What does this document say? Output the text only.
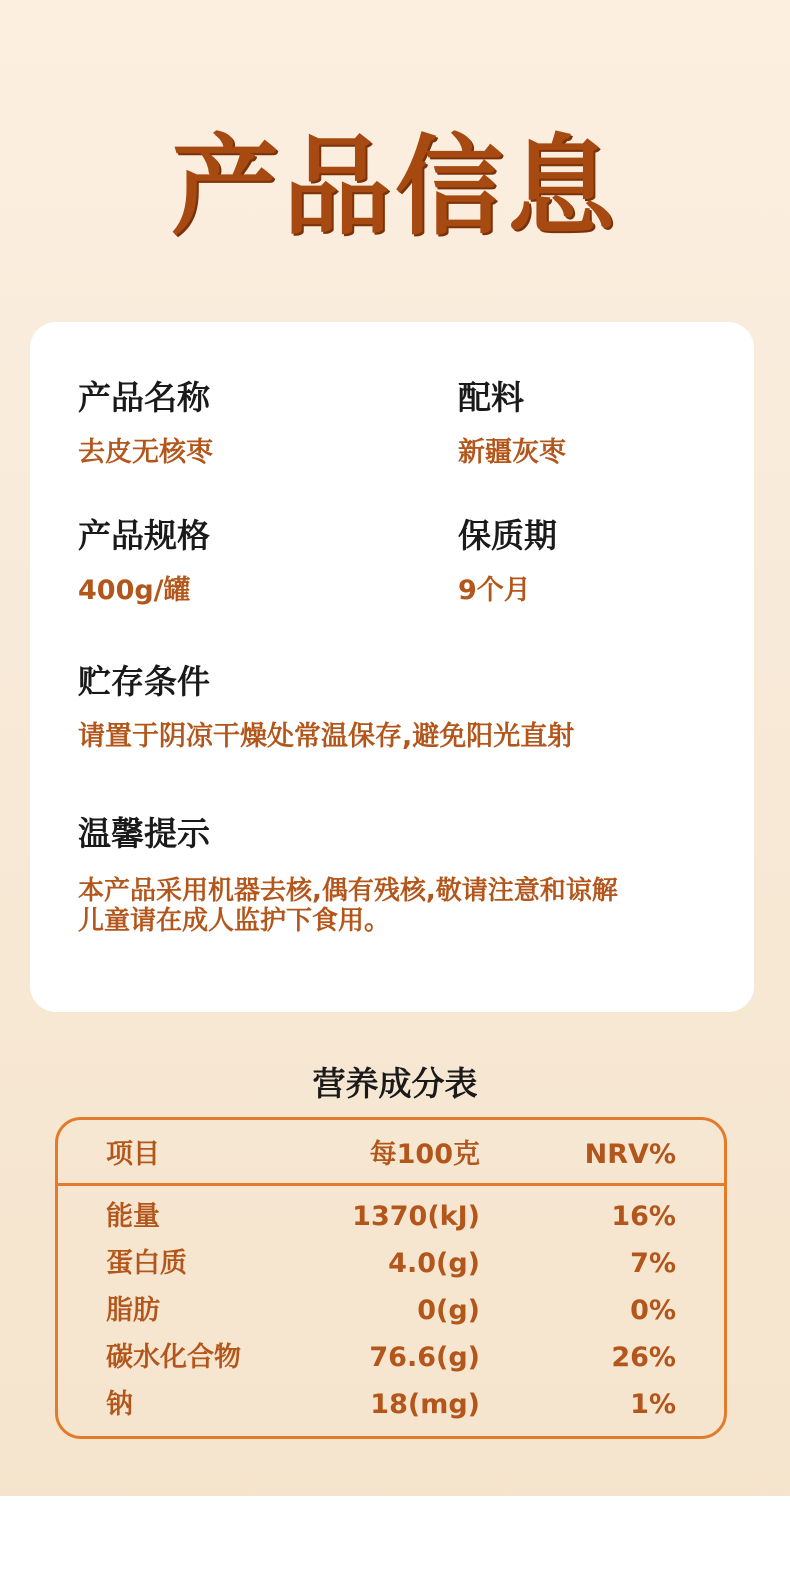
产品信息
产品名称
去皮无核枣
配料
新疆灰枣
产品规格
400g/罐
保质期
9个月
贮存条件
请置于阴凉干燥处常温保存,避免阳光直射
温馨提示
本产品采用机器去核,偶有残核,敬请注意和谅解
儿童请在成人监护下食用。
营养成分表
项目	每100克	NRV%
能量	1370(kJ)	16%
蛋白质	4.0(g)	7%
脂肪	0(g)	0%
碳水化合物	76.6(g)	26%
钠	18(mg)	1%
